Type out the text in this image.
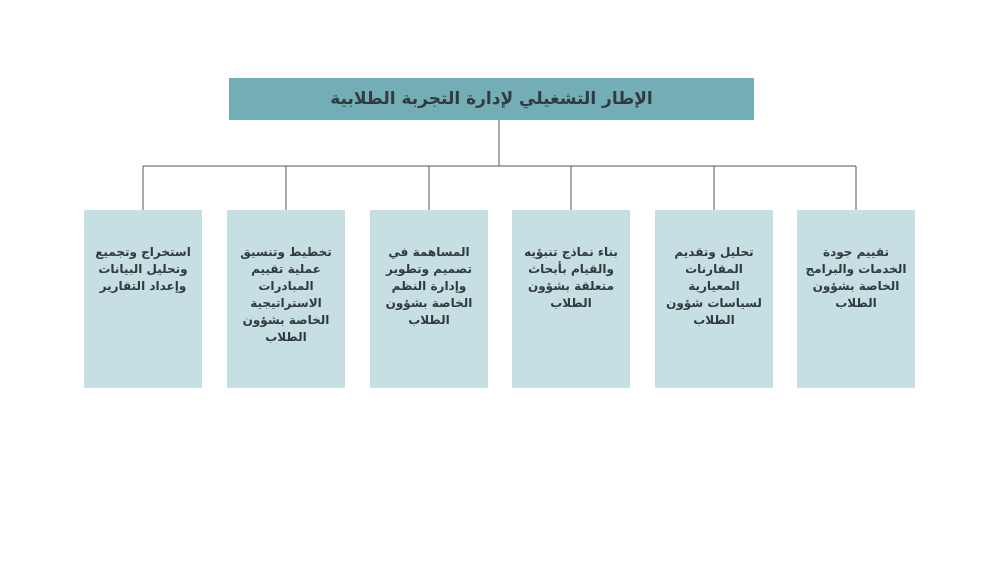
الإطار التشغيلي لإدارة التجربة الطلابية
تقييم جودة الخدمات والبرامج الخاصة بشؤون الطلاب
تحليل وتقديم المقارنات المعيارية لسياسات شؤون الطلاب
بناء نماذج تنبؤيه والقيام بأبحاث متعلقة بشؤون الطلاب
المساهمة في تصميم وتطوير وإدارة النظم الخاصة بشؤون الطلاب
تخطيط وتنسيق عملية تقييم المبادرات الاستراتيجية الخاصة بشؤون الطلاب
استخراج وتجميع وتحليل البيانات وإعداد التقارير
